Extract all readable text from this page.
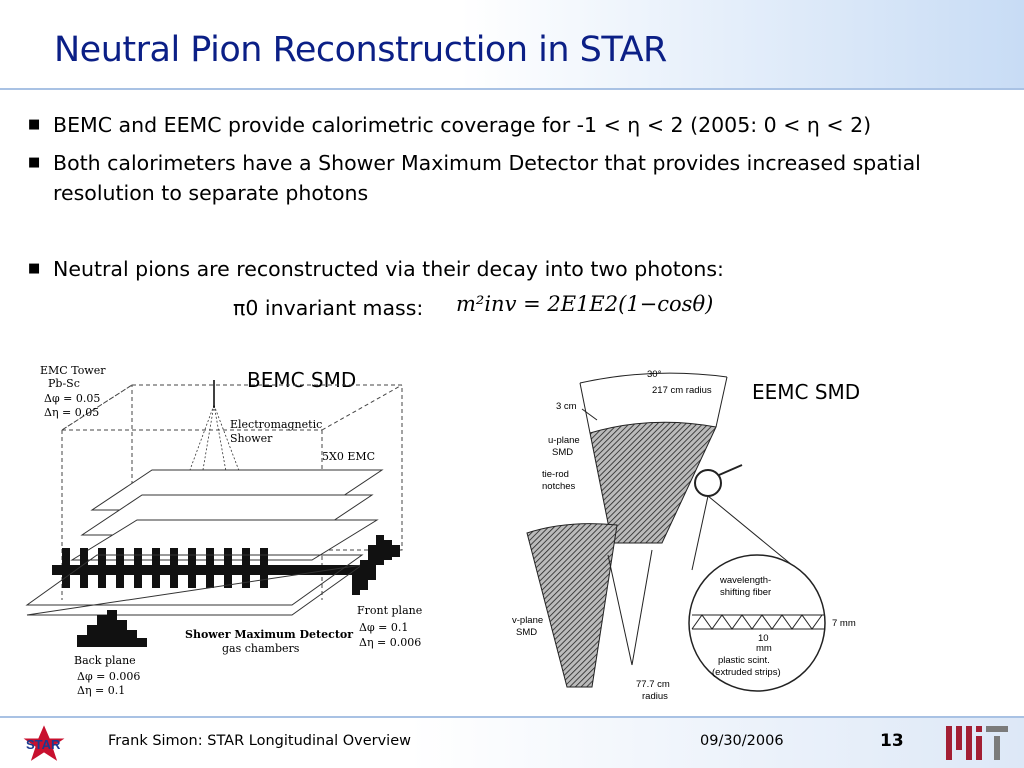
Neutral Pion Reconstruction in STAR
■ BEMC and EEMC provide calorimetric coverage for -1 < η < 2 (2005: 0 < η < 2)
■ Both calorimeters have a Shower Maximum Detector that provides increased spatial resolution to separate photons
■ Neutral pions are reconstructed via their decay into two photons:
π0 invariant mass: m²inv = 2E1E2(1−cosθ)
BEMC SMD
EMC Tower
Pb-Sc
Δφ = 0.05
Δη = 0.05
Electromagnetic
Shower
5X0 EMC
Front plane
Δφ = 0.1
Δη = 0.006
Shower Maximum Detector
gas chambers
Back plane
Δφ = 0.006
Δη = 0.1
EEMC SMD
30°
217 cm radius
3 cm
u-plane
SMD
tie-rod
notches
v-plane
SMD
77.7 cm
radius
wavelength-
shifting fiber
7 mm
10
mm
plastic scint.
(extruded strips)
STAR	Frank Simon: STAR Longitudinal Overview	09/30/2006	13
